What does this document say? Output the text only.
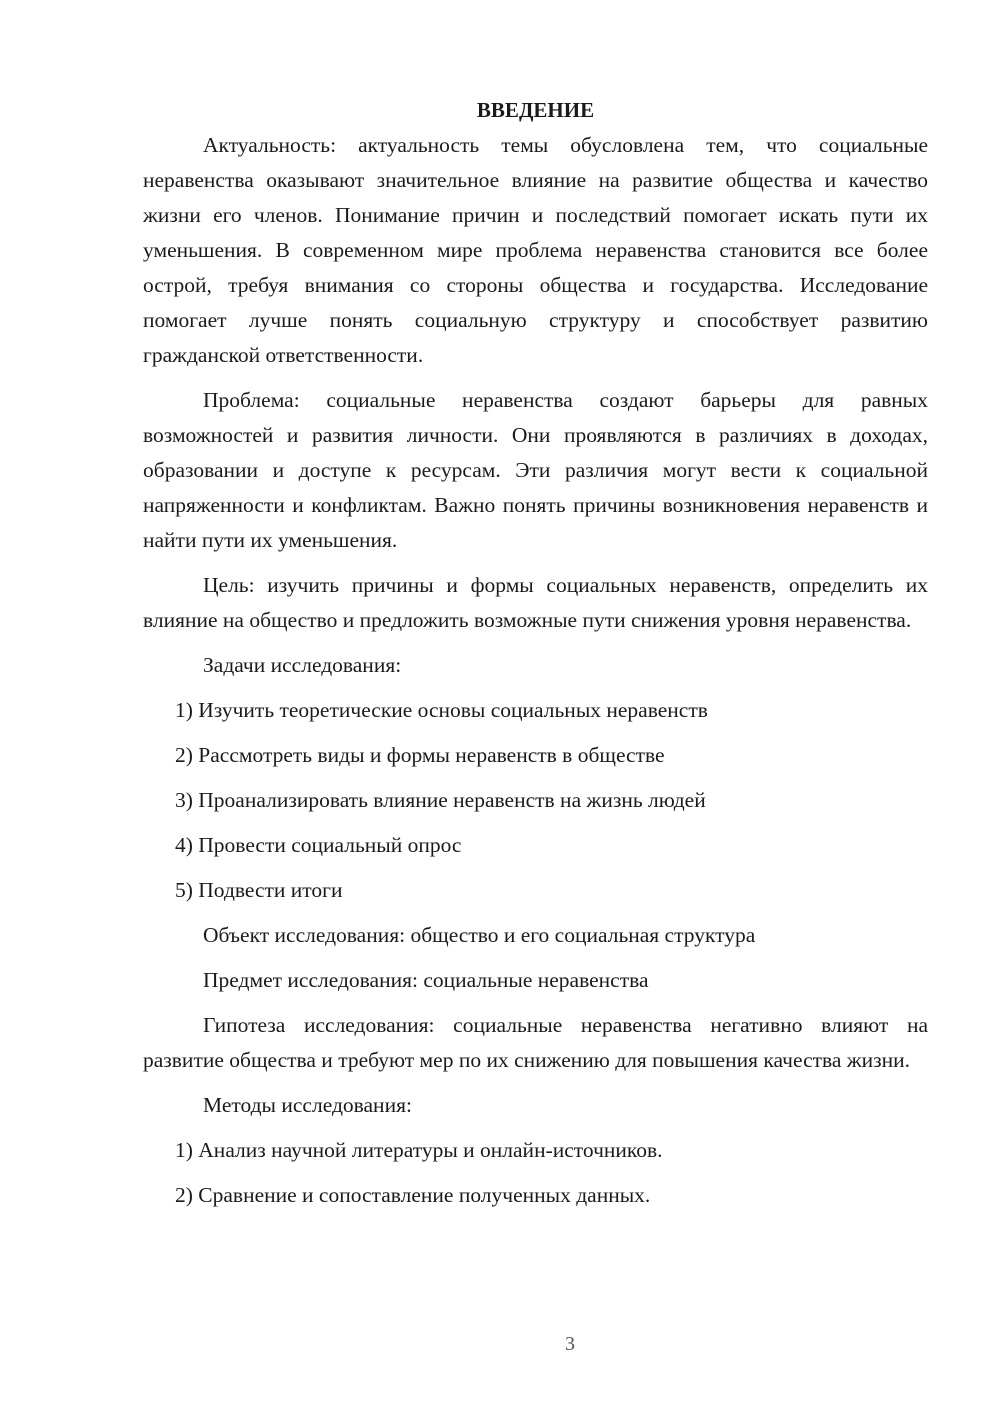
ВВЕДЕНИЕ

Актуальность: актуальность темы обусловлена тем, что социальные неравенства оказывают значительное влияние на развитие общества и качество жизни его членов. Понимание причин и последствий помогает искать пути их уменьшения. В современном мире проблема неравенства становится все более острой, требуя внимания со стороны общества и государства. Исследование помогает лучше понять социальную структуру и способствует развитию гражданской ответственности.

Проблема: социальные неравенства создают барьеры для равных возможностей и развития личности. Они проявляются в различиях в доходах, образовании и доступе к ресурсам. Эти различия могут вести к социальной напряженности и конфликтам. Важно понять причины возникновения неравенств и найти пути их уменьшения.

Цель: изучить причины и формы социальных неравенств, определить их влияние на общество и предложить возможные пути снижения уровня неравенства.

Задачи исследования:

1) Изучить теоретические основы социальных неравенств

2) Рассмотреть виды и формы неравенств в обществе

3) Проанализировать влияние неравенств на жизнь людей

4) Провести социальный опрос

5) Подвести итоги

Объект исследования: общество и его социальная структура

Предмет исследования: социальные неравенства

Гипотеза исследования: социальные неравенства негативно влияют на развитие общества и требуют мер по их снижению для повышения качества жизни.

Методы исследования:

1) Анализ научной литературы и онлайн-источников.

2) Сравнение и сопоставление полученных данных.

3
